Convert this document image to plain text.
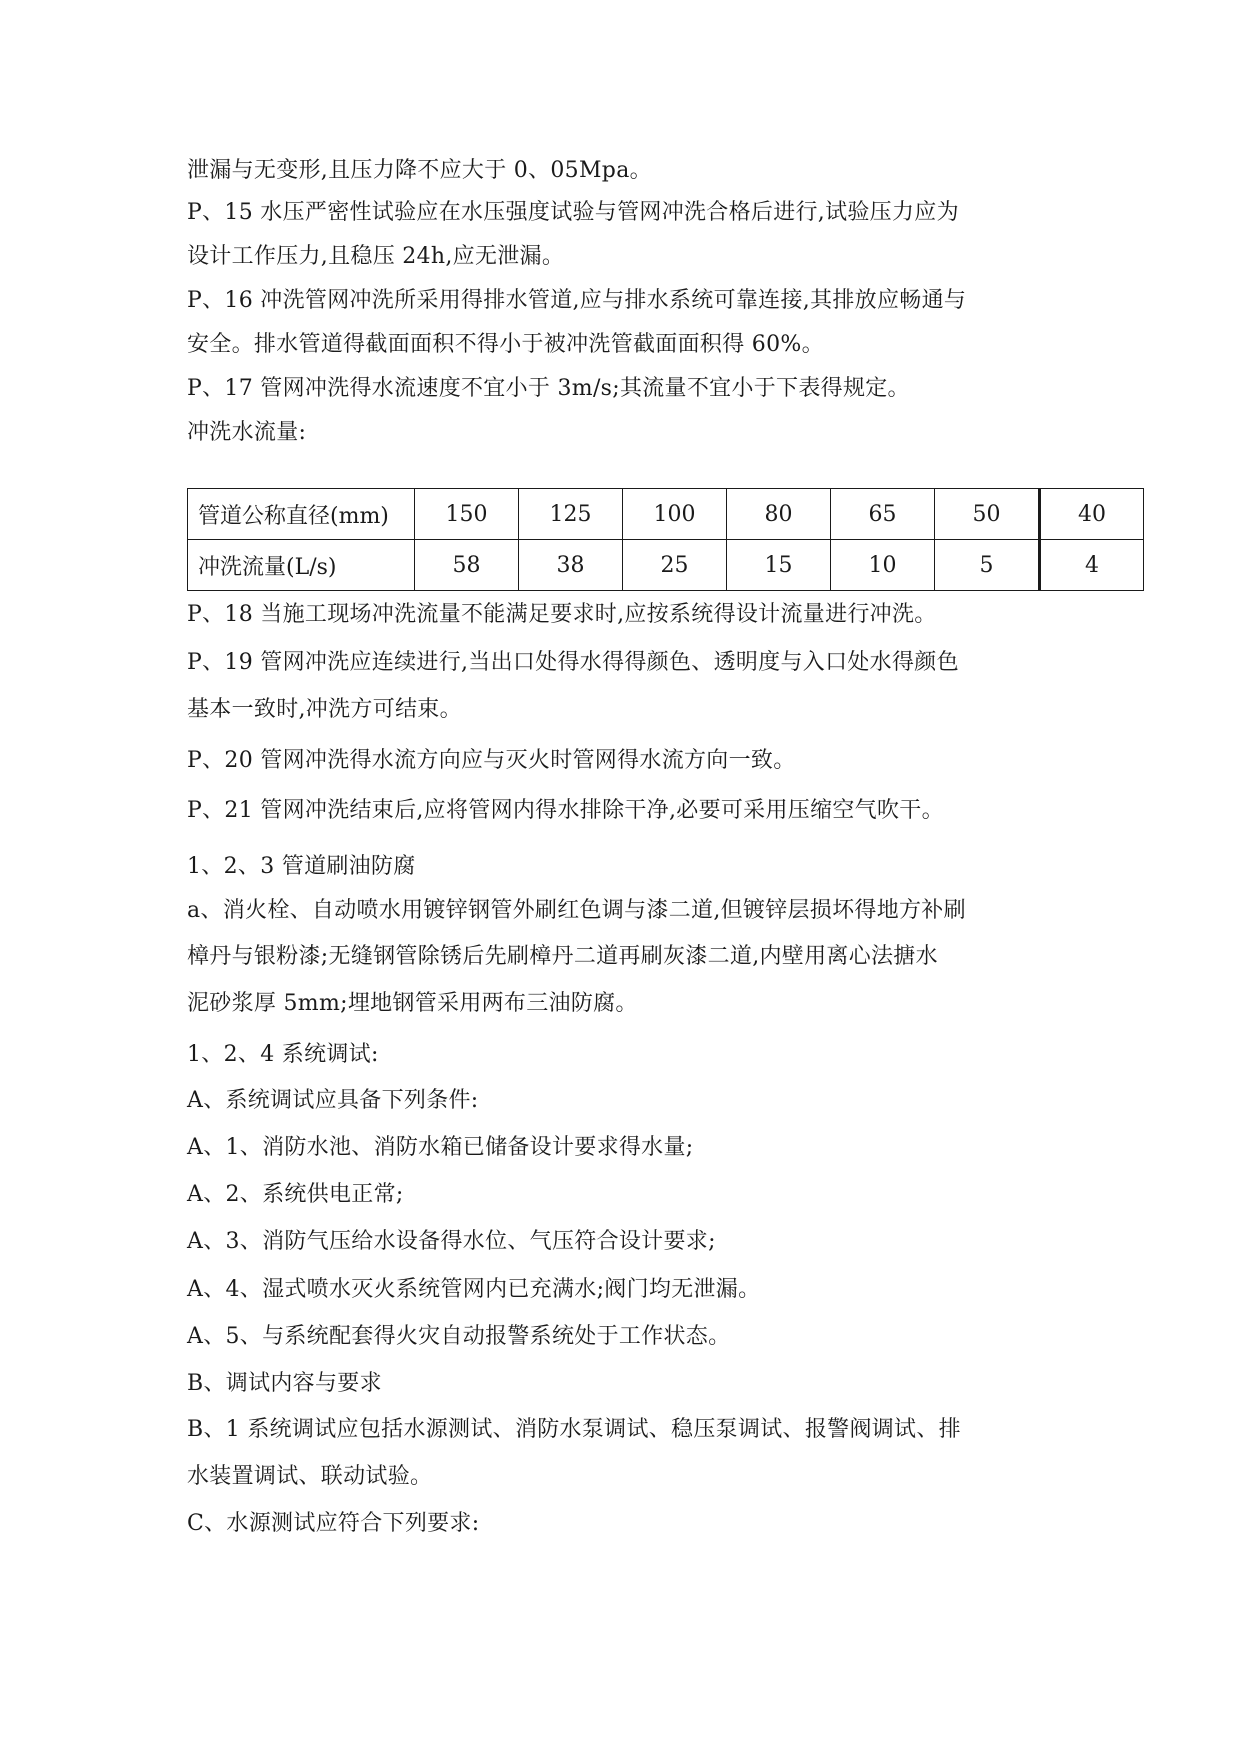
泄漏与无变形,且压力降不应大于 0、05Mpa。
P、15 水压严密性试验应在水压强度试验与管网冲洗合格后进行,试验压力应为
设计工作压力,且稳压 24h,应无泄漏。
P、16 冲洗管网冲洗所采用得排水管道,应与排水系统可靠连接,其排放应畅通与
安全。排水管道得截面面积不得小于被冲洗管截面面积得 60%。
P、17 管网冲洗得水流速度不宜小于 3m/s;其流量不宜小于下表得规定。
冲洗水流量:
管道公称直径(mm)	150	125	100	80	65	50	40
冲洗流量(L/s)	58	38	25	15	10	5	4
P、18 当施工现场冲洗流量不能满足要求时,应按系统得设计流量进行冲洗。
P、19 管网冲洗应连续进行,当出口处得水得得颜色、透明度与入口处水得颜色
基本一致时,冲洗方可结束。
P、20 管网冲洗得水流方向应与灭火时管网得水流方向一致。
P、21 管网冲洗结束后,应将管网内得水排除干净,必要可采用压缩空气吹干。
1、2、3 管道刷油防腐
a、消火栓、自动喷水用镀锌钢管外刷红色调与漆二道,但镀锌层损坏得地方补刷
樟丹与银粉漆;无缝钢管除锈后先刷樟丹二道再刷灰漆二道,内壁用离心法搪水
泥砂浆厚 5mm;埋地钢管采用两布三油防腐。
1、2、4 系统调试:
A、系统调试应具备下列条件:
A、1、消防水池、消防水箱已储备设计要求得水量;
A、2、系统供电正常;
A、3、消防气压给水设备得水位、气压符合设计要求;
A、4、湿式喷水灭火系统管网内已充满水;阀门均无泄漏。
A、5、与系统配套得火灾自动报警系统处于工作状态。
B、调试内容与要求
B、1 系统调试应包括水源测试、消防水泵调试、稳压泵调试、报警阀调试、排
水装置调试、联动试验。
C、水源测试应符合下列要求:
